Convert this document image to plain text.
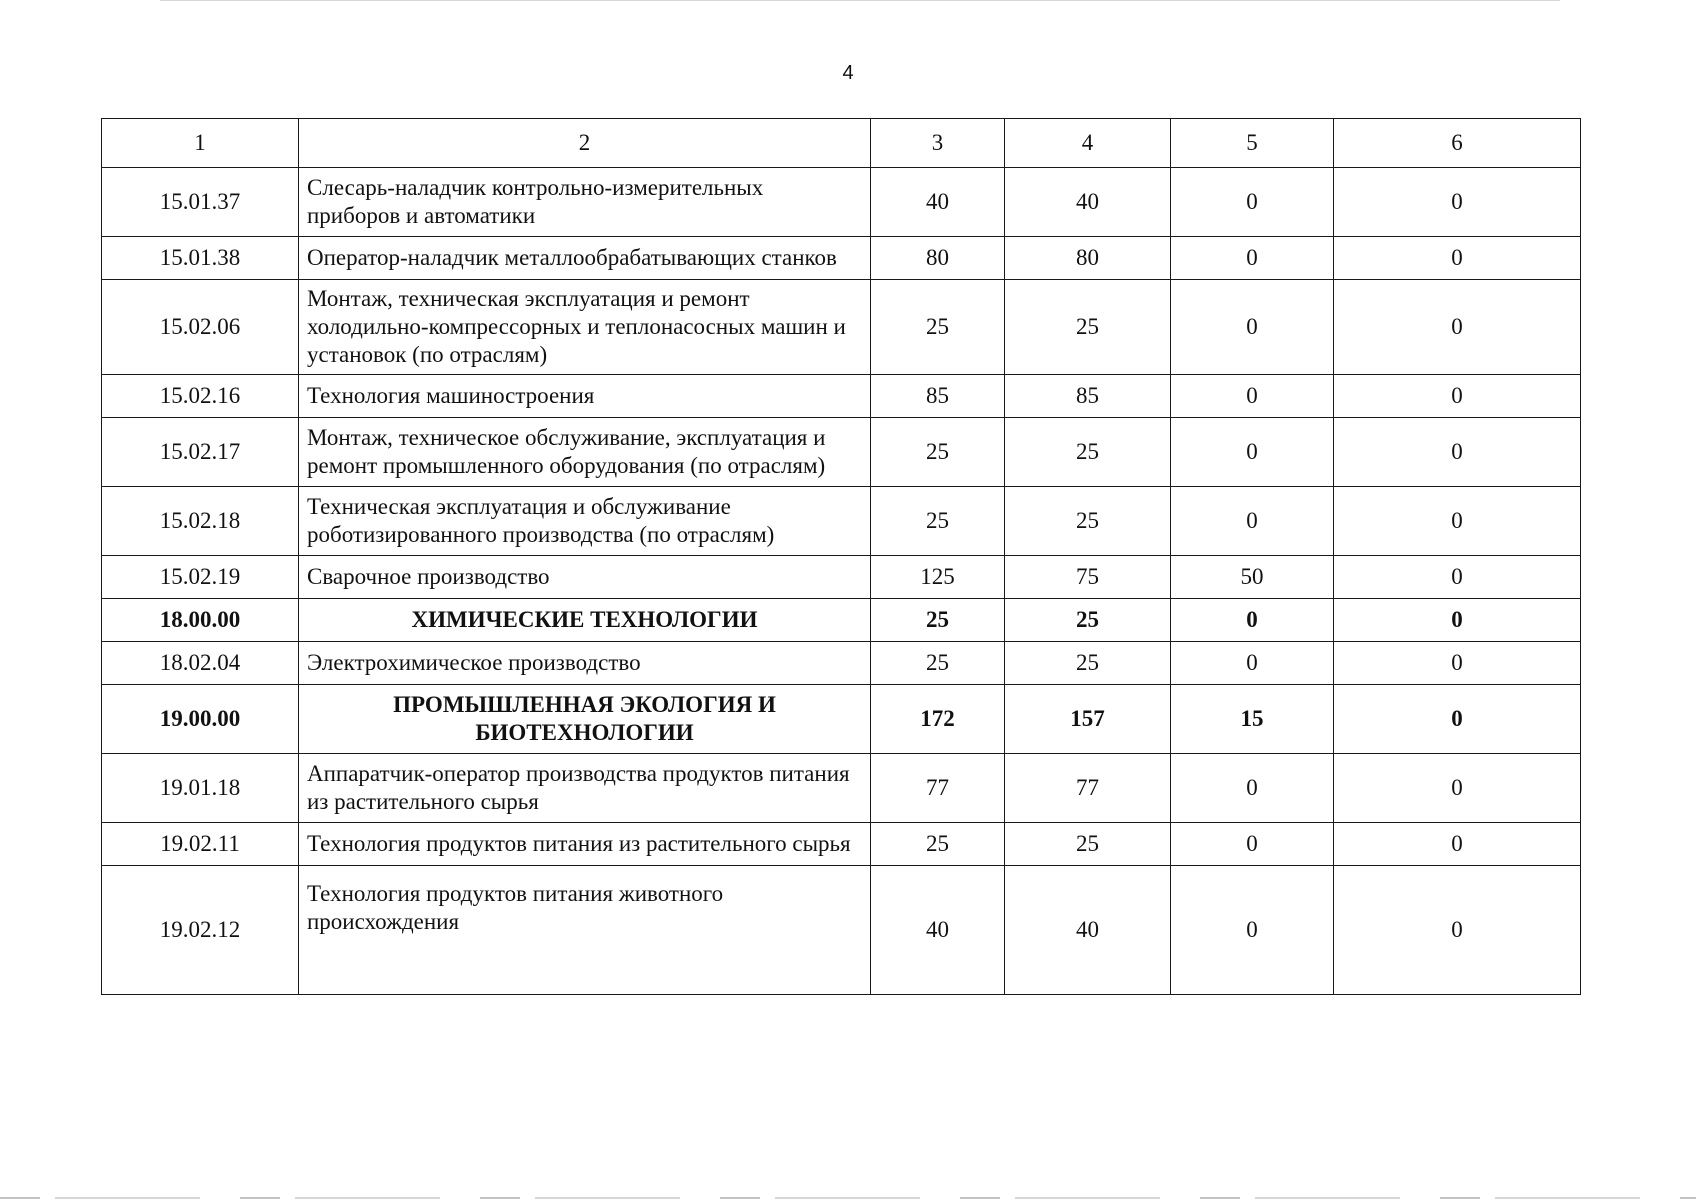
4
1	2	3	4	5	6
15.01.37	Слесарь-наладчик контрольно-измерительных приборов и автоматики	40	40	0	0
15.01.38	Оператор-наладчик металлообрабатывающих станков	80	80	0	0
15.02.06	Монтаж, техническая эксплуатация и ремонт холодильно-компрессорных и теплонасосных машин и установок (по отраслям)	25	25	0	0
15.02.16	Технология машиностроения	85	85	0	0
15.02.17	Монтаж, техническое обслуживание, эксплуатация и ремонт промышленного оборудования (по отраслям)	25	25	0	0
15.02.18	Техническая эксплуатация и обслуживание роботизированного производства (по отраслям)	25	25	0	0
15.02.19	Сварочное производство	125	75	50	0
18.00.00	ХИМИЧЕСКИЕ ТЕХНОЛОГИИ	25	25	0	0
18.02.04	Электрохимическое производство	25	25	0	0
19.00.00	ПРОМЫШЛЕННАЯ ЭКОЛОГИЯ И БИОТЕХНОЛОГИИ	172	157	15	0
19.01.18	Аппаратчик-оператор производства продуктов питания из растительного сырья	77	77	0	0
19.02.11	Технология продуктов питания из растительного сырья	25	25	0	0
19.02.12	Технология продуктов питания животного происхождения	40	40	0	0
